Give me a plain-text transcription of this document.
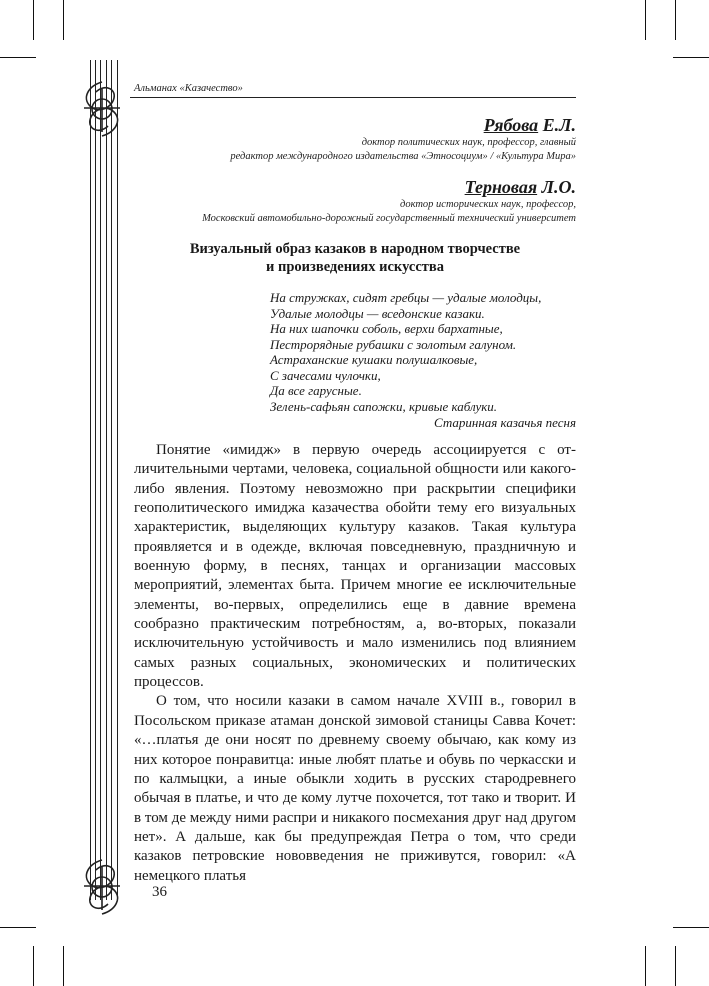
Альманах «Казачество»
Рябова Е.Л.
доктор политических наук, профессор, главный
редактор международного издательства «Этносоциум» / «Культура Мира»
Терновая Л.О.
доктор исторических наук, профессор,
Московский автомобильно-дорожный государственный технический университет
Визуальный образ казаков в народном творчестве
и произведениях искусства
На стружках, сидят гребцы — удалые молодцы,
Удалые молодцы — вседонские казаки.
На них шапочки соболь, верхи бархатные,
Пестрорядные рубашки с золотым галуном.
Астраханские кушаки полушалковые,
С зачесами чулочки,
Да все гарусные.
Зелень-сафьян сапожки, кривые каблуки.
Старинная казачья песня

Понятие «имидж» в первую очередь ассоциируется с отличительными чертами, человека, социальной общности или какого-либо явления. Поэтому невозможно при раскрытии специфики геополитического имиджа казачества обойти тему его визуальных характеристик, выделяющих культуру казаков. Такая культура проявляется и в одежде, включая повседневную, праздничную и военную форму, в песнях, танцах и организации массовых мероприятий, элементах быта. Причем многие ее исключительные элементы, во-первых, определились еще в давние времена сообразно практическим потребностям, а, во-вторых, показали исключительную устойчивость и мало изменились под влиянием самых разных социальных, экономических и политических процессов.

О том, что носили казаки в самом начале XVIII в., говорил в Посольском приказе атаман донской зимовой станицы Савва Кочет: «…платья де они носят по древнему своему обычаю, как кому из них которое понравитца: иные любят платье и обувь по черкасски и по калмыцки, а иные обыкли ходить в русских стародревнего обычая в платье, и что де кому лутче похочется, тот тако и творит. И в том де между ними распри и никакого посмехания друг над другом нет». А дальше, как бы предупреждая Петра о том, что среди казаков петровские нововведения не приживутся, говорил: «А немецкого платья

36
